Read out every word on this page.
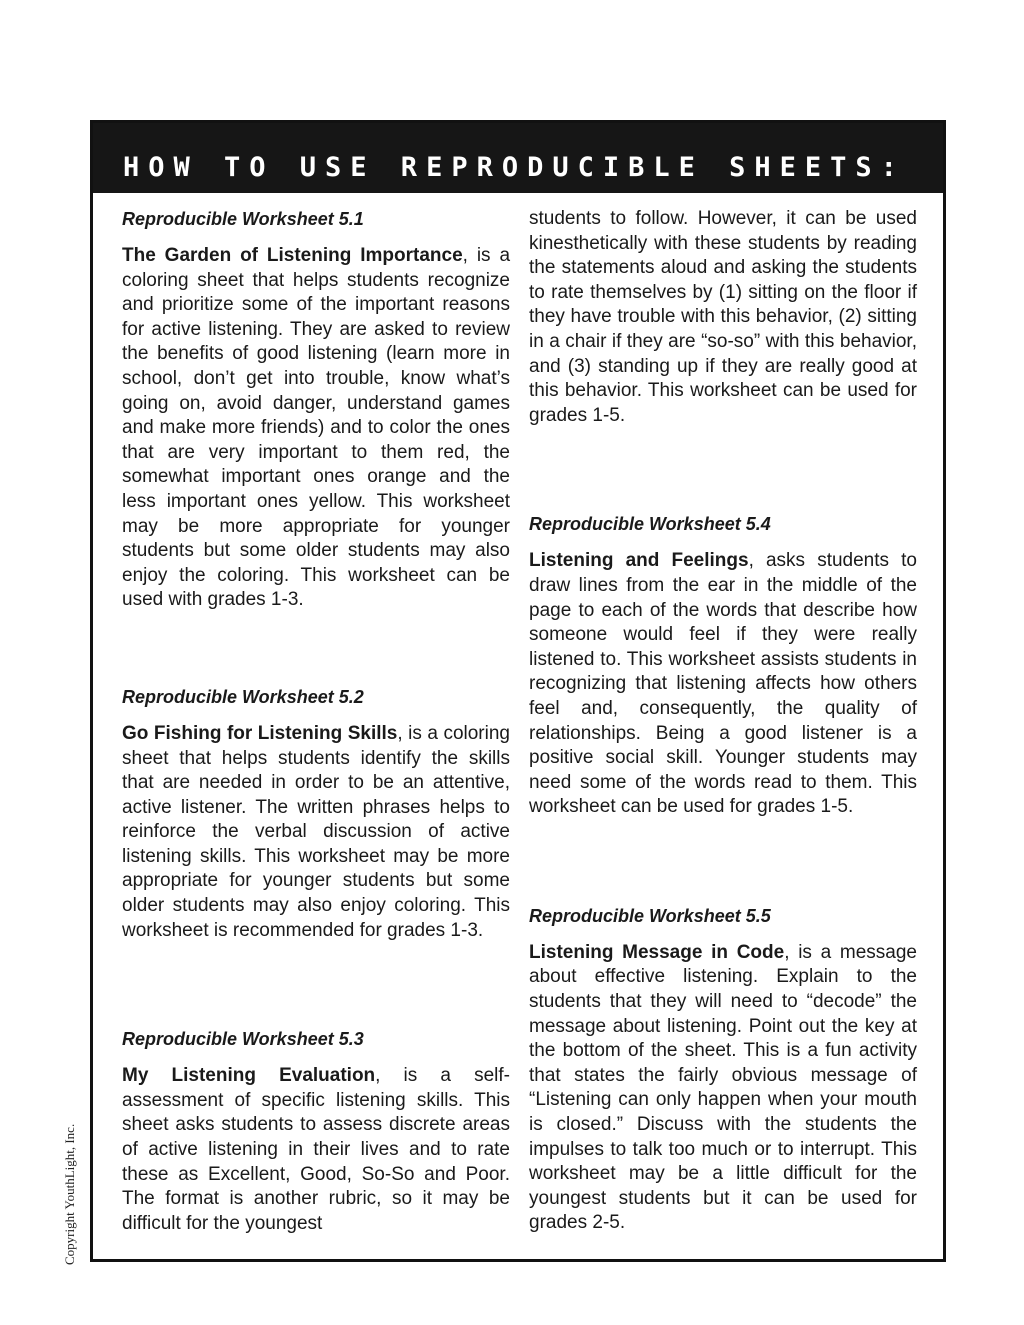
HOW TO USE REPRODUCIBLE SHEETS:
Reproducible Worksheet 5.1

The Garden of Listening Importance, is a coloring sheet that helps students recognize and prioritize some of the important reasons for active listening. They are asked to review the benefits of good listening (learn more in school, don’t get into trouble, know what’s going on, avoid danger, understand games and make more friends) and to color the ones that are very important to them red, the somewhat important ones orange and the less important ones yellow. This worksheet may be more appropriate for younger students but some older students may also enjoy the coloring. This worksheet can be used with grades 1-3.

Reproducible Worksheet 5.2

Go Fishing for Listening Skills, is a coloring sheet that helps students identify the skills that are needed in order to be an attentive, active listener. The written phrases helps to reinforce the verbal discussion of active listening skills. This worksheet may be more appropriate for younger students but some older students may also enjoy coloring. This worksheet is recommended for grades 1-3.

Reproducible Worksheet 5.3

My Listening Evaluation, is a self-assessment of specific listening skills. This sheet asks students to assess discrete areas of active listening in their lives and to rate these as Excellent, Good, So-So and Poor. The format is another rubric, so it may be difficult for the youngest

students to follow. However, it can be used kinesthetically with these students by reading the statements aloud and asking the students to rate themselves by (1) sitting on the floor if they have trouble with this behavior, (2) sitting in a chair if they are “so-so” with this behavior, and (3) standing up if they are really good at this behavior. This worksheet can be used for grades 1-5.

Reproducible Worksheet 5.4

Listening and Feelings, asks students to draw lines from the ear in the middle of the page to each of the words that describe how someone would feel if they were really listened to. This worksheet assists students in recognizing that listening affects how others feel and, consequently, the quality of relationships. Being a good listener is a positive social skill. Younger students may need some of the words read to them. This worksheet can be used for grades 1-5.

Reproducible Worksheet 5.5

Listening Message in Code, is a message about effective listening. Explain to the students that they will need to “decode” the message about listening. Point out the key at the bottom of the sheet. This is a fun activity that states the fairly obvious message of “Listening can only happen when your mouth is closed.” Discuss with the students the impulses to talk too much or to interrupt. This worksheet may be a little difficult for the youngest students but it can be used for grades 2-5.

Copyright YouthLight, Inc.
